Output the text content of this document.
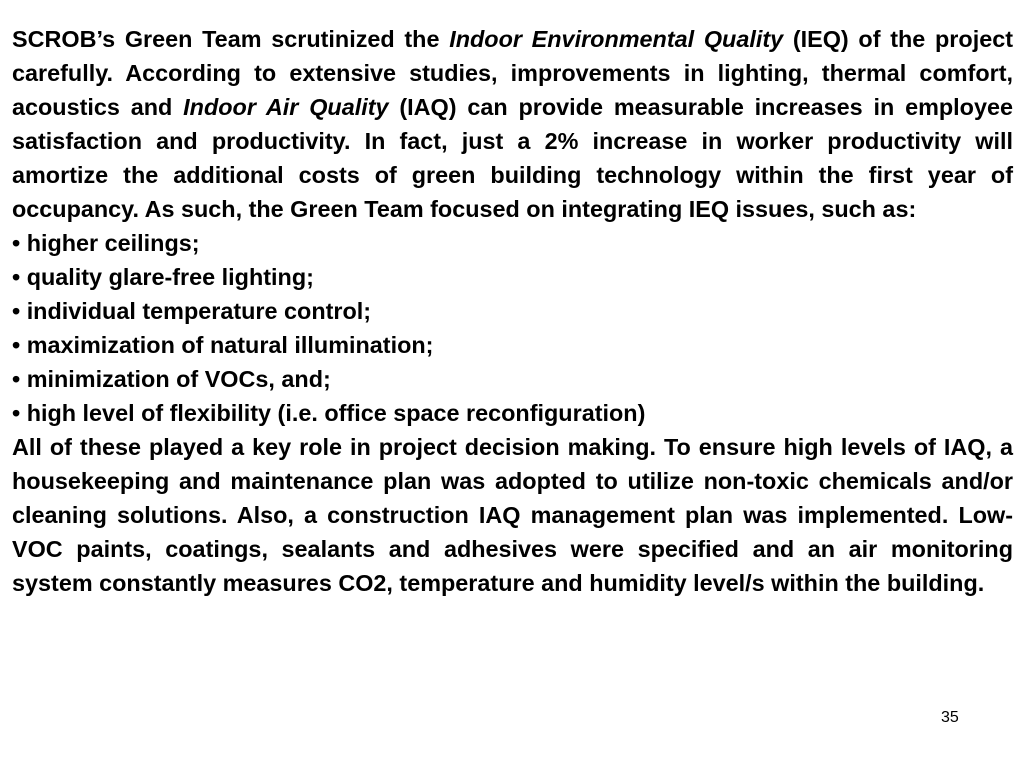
SCROB’s Green Team scrutinized the Indoor Environmental Quality (IEQ) of the project carefully. According to extensive studies, improvements in lighting, thermal comfort, acoustics and Indoor Air Quality (IAQ) can provide measurable increases in employee satisfaction and productivity. In fact, just a 2% increase in worker productivity will amortize the additional costs of green building technology within the first year of occupancy. As such, the Green Team focused on integrating IEQ issues, such as:

• higher ceilings;
• quality glare-free lighting;
• individual temperature control;
• maximization of natural illumination;
• minimization of VOCs, and;
• high level of flexibility (i.e. office space reconfiguration)

All of these played a key role in project decision making. To ensure high levels of IAQ, a housekeeping and maintenance plan was adopted to utilize non-toxic chemicals and/or cleaning solutions. Also, a construction IAQ management plan was implemented. Low-VOC paints, coatings, sealants and adhesives were specified and an air monitoring system constantly measures CO2, temperature and humidity level/s within the building.

35
